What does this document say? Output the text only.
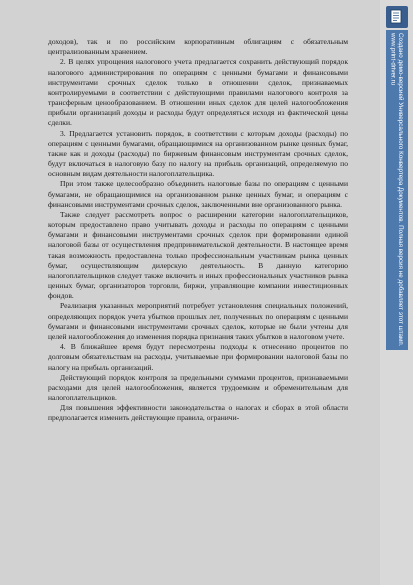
доходов), так и по российским корпоративным облигациям с обязательным централизованным хранением.

2. В целях упрощения налогового учета предлагается сохранить действующий порядок налогового администрирования по операциям с ценными бумагами и финансовыми инструментами срочных сделок только в отношении сделок, признаваемых контролируемыми в соответствии с действующими правилами налогового контроля за трансферным ценообразованием. В отношении иных сделок для целей налогообложения прибыли организаций доходы и расходы будут определяться исходя из фактической цены сделки.

3. Предлагается установить порядок, в соответствии с которым доходы (расходы) по операциям с ценными бумагами, обращающимися на организованном рынке ценных бумаг, также как и доходы (расходы) по биржевым финансовым инструментам срочных сделок, будут включаться в налоговую базу по налогу на прибыль организаций, определяемую по основным видам деятельности налогоплательщика.

При этом также целесообразно объединить налоговые базы по операциям с ценными бумагами, не обращающимися на организованном рынке ценных бумаг, и операциям с финансовыми инструментами срочных сделок, заключенными вне организованного рынка.

Также следует рассмотреть вопрос о расширении категории налогоплательщиков, которым предоставлено право учитывать доходы и расходы по операциям с ценными бумагами и финансовыми инструментами срочных сделок при формировании единой налоговой базы от осуществления предпринимательской деятельности. В настоящее время такая возможность предоставлена только профессиональным участникам рынка ценных бумаг, осуществляющим дилерскую деятельность. В данную категорию налогоплательщиков следует также включить и иных профессиональных участников рынка ценных бумаг, организаторов торговли, биржи, управляющие компании инвестиционных фондов.

Реализация указанных мероприятий потребует установления специальных положений, определяющих порядок учета убытков прошлых лет, полученных по операциям с ценными бумагами и финансовыми инструментами срочных сделок, которые не были учтены для целей налогообложения до изменения порядка признания таких убытков в налоговом учете.

4. В ближайшее время будут пересмотрены подходы к отнесению процентов по долговым обязательствам на расходы, учитываемые при формировании налоговой базы по налогу на прибыль организаций.

Действующий порядок контроля за предельными суммами процентов, признаваемыми расходами для целей налогообложения, является трудоемким и обременительным для налогоплательщиков.

Для повышения эффективности законодательства о налогах и сборах в этой области предполагается изменить действующие правила, ограничи-

Создано демо-версией Универсального Конвертера Документов. Полная версия не добавляет этот штамп.
www.print-driver.ru
